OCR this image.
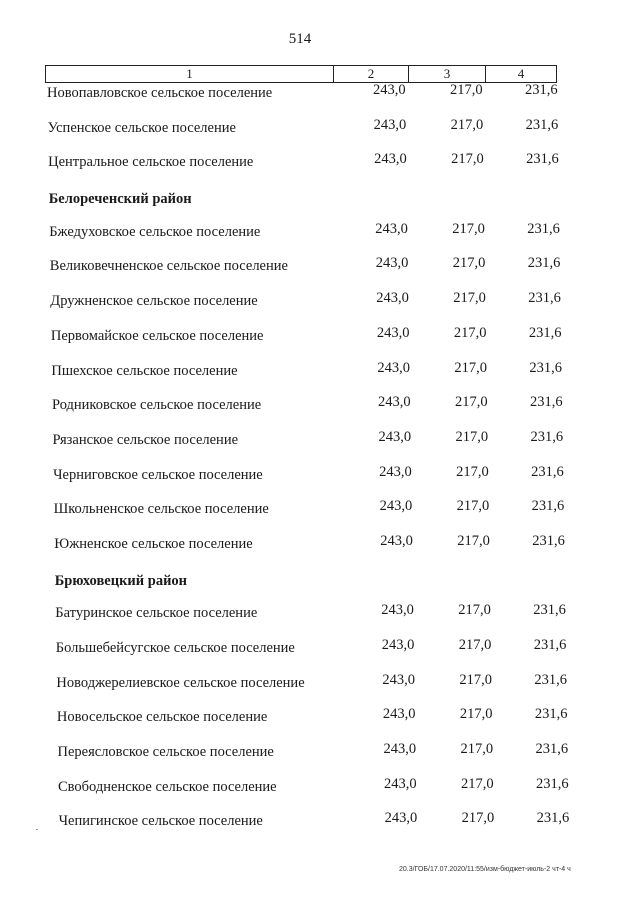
514
1	2	3	4
Новопавловское сельское поселение	243,0	217,0	231,6
Успенское сельское поселение	243,0	217,0	231,6
Центральное сельское поселение	243,0	217,0	231,6
Белореченский район
Бжедуховское сельское поселение	243,0	217,0	231,6
Великовечненское сельское поселение	243,0	217,0	231,6
Дружненское сельское поселение	243,0	217,0	231,6
Первомайское сельское поселение	243,0	217,0	231,6
Пшехское сельское поселение	243,0	217,0	231,6
Родниковское сельское поселение	243,0	217,0	231,6
Рязанское сельское поселение	243,0	217,0	231,6
Черниговское сельское поселение	243,0	217,0	231,6
Школьненское сельское поселение	243,0	217,0	231,6
Южненское сельское поселение	243,0	217,0	231,6
Брюховецкий район
Батуринское сельское поселение	243,0	217,0	231,6
Большебейсугское сельское поселение	243,0	217,0	231,6
Новоджерелиевское сельское поселение	243,0	217,0	231,6
Новосельское сельское поселение	243,0	217,0	231,6
Переясловское сельское поселение	243,0	217,0	231,6
Свободненское сельское поселение	243,0	217,0	231,6
Чепигинское сельское поселение	243,0	217,0	231,6
20.3/ГОБ/17.07.2020/11:55/изм-бюджет-июль-2 чт-4 ч
